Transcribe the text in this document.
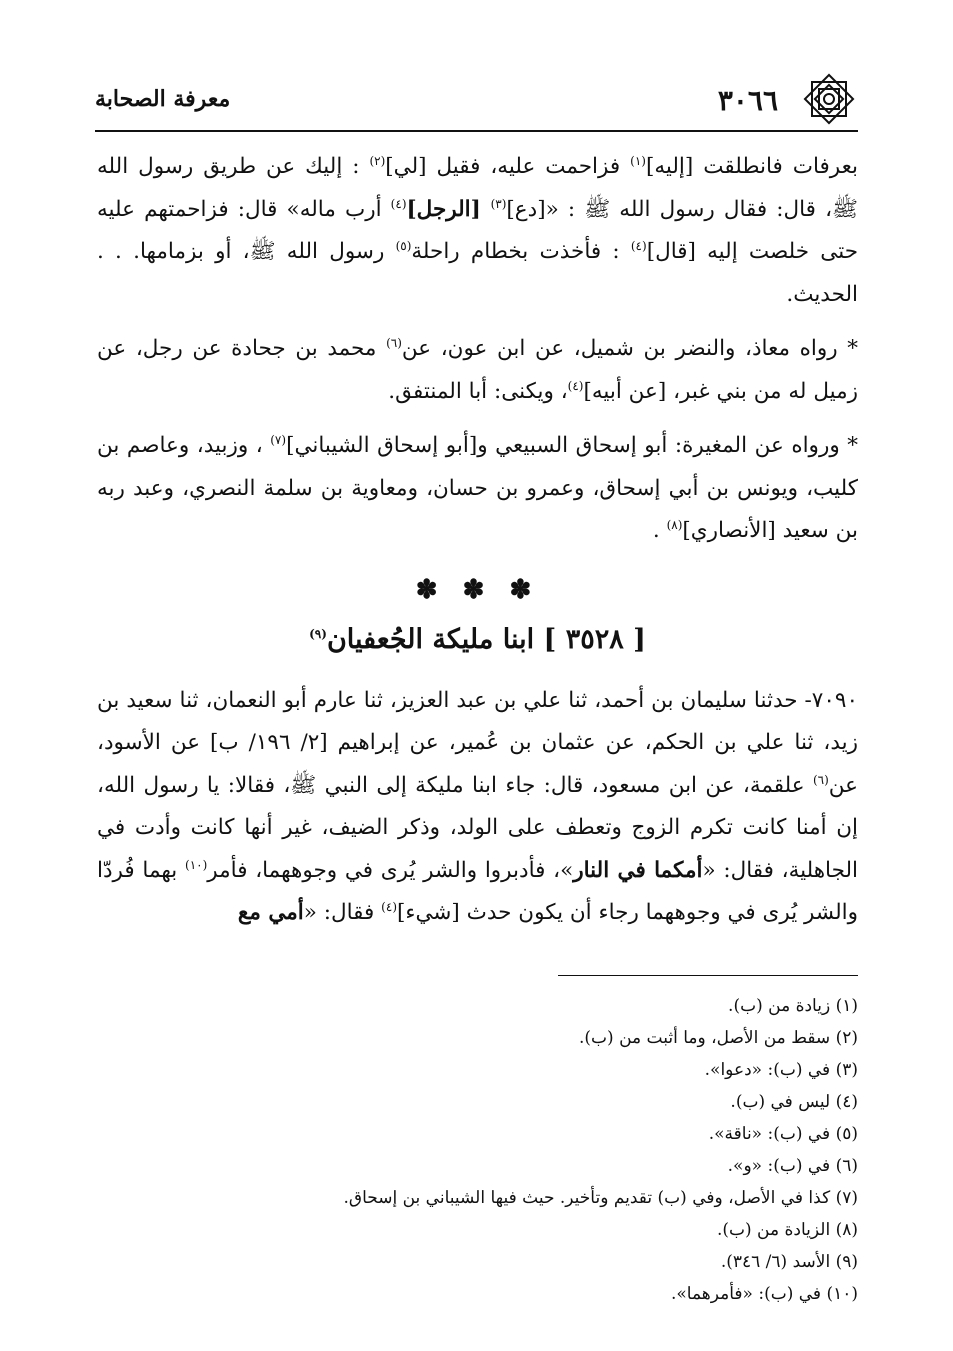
٣٠٦٦
معرفة الصحابة

بعرفات فانطلقت [إليه]$^{(١)}$ فزاحمت عليه، فقيل [لي]$^{(٢)}$ : إليك عن طريق رسول الله ﷺ، قال: فقال رسول الله ﷺ : «[دع]$^{(٣)}$ [الرجل]$^{(٤)}$ أرب ماله» قال: فزاحمتهم عليه حتى خلصت إليه [قال]$^{(٤)}$ : فأخذت بخطام راحلة$^{(٥)}$ رسول الله ﷺ، أو بزمامها. . . الحديث.

* رواه معاذ، والنضر بن شميل، عن ابن عون، عن$^{(٦)}$ محمد بن جحادة عن رجل، عن زميل له من بني غبر، [عن أبيه]$^{(٤)}$، ويكنى: أبا المنتفق.

* ورواه عن المغيرة: أبو إسحاق السبيعي و[أبو إسحاق الشيباني]$^{(٧)}$ ، وزبيد، وعاصم بن كليب، ويونس بن أبي إسحاق، وعمرو بن حسان، ومعاوية بن سلمة النصري، وعبد ربه بن سعيد [الأنصاري]$^{(٨)}$ .

✽ ✽ ✽
[ ٣٥٢٨ ] ابنا مليكة الجُعفيان$^{(٩)}$

٧٠٩٠- حدثنا سليمان بن أحمد، ثنا علي بن عبد العزيز، ثنا عارم أبو النعمان، ثنا سعيد بن زيد، ثنا علي بن الحكم، عن عثمان بن عُمير، عن إبراهيم [٢/ ١٩٦/ ب] عن الأسود، عن$^{(٦)}$ علقمة، عن ابن مسعود، قال: جاء ابنا مليكة إلى النبي ﷺ، فقالا: يا رسول الله، إن أمنا كانت تكرم الزوج وتعطف على الولد، وذكر الضيف، غير أنها كانت وأدت في الجاهلية، فقال: «أمكما في النار»، فأدبروا والشر يُرى في وجوههما، فأمر$^{(١٠)}$ بهما فُردّا والشر يُرى في وجوههما رجاء أن يكون حدث [شيء]$^{(٤)}$ فقال: «أمي مع

(١) زيادة من (ب).
(٢) سقط من الأصل، وما أثبت من (ب).
(٣) في (ب): «دعوا».
(٤) ليس في (ب).
(٥) في (ب): «ناقة».
(٦) في (ب): «و».
(٧) كذا في الأصل، وفي (ب) تقديم وتأخير. حيث فيها الشيباني بن إسحاق.
(٨) الزيادة من (ب).
(٩) الأسد (٦/ ٣٤٦).
(١٠) في (ب): «فأمرهما».
